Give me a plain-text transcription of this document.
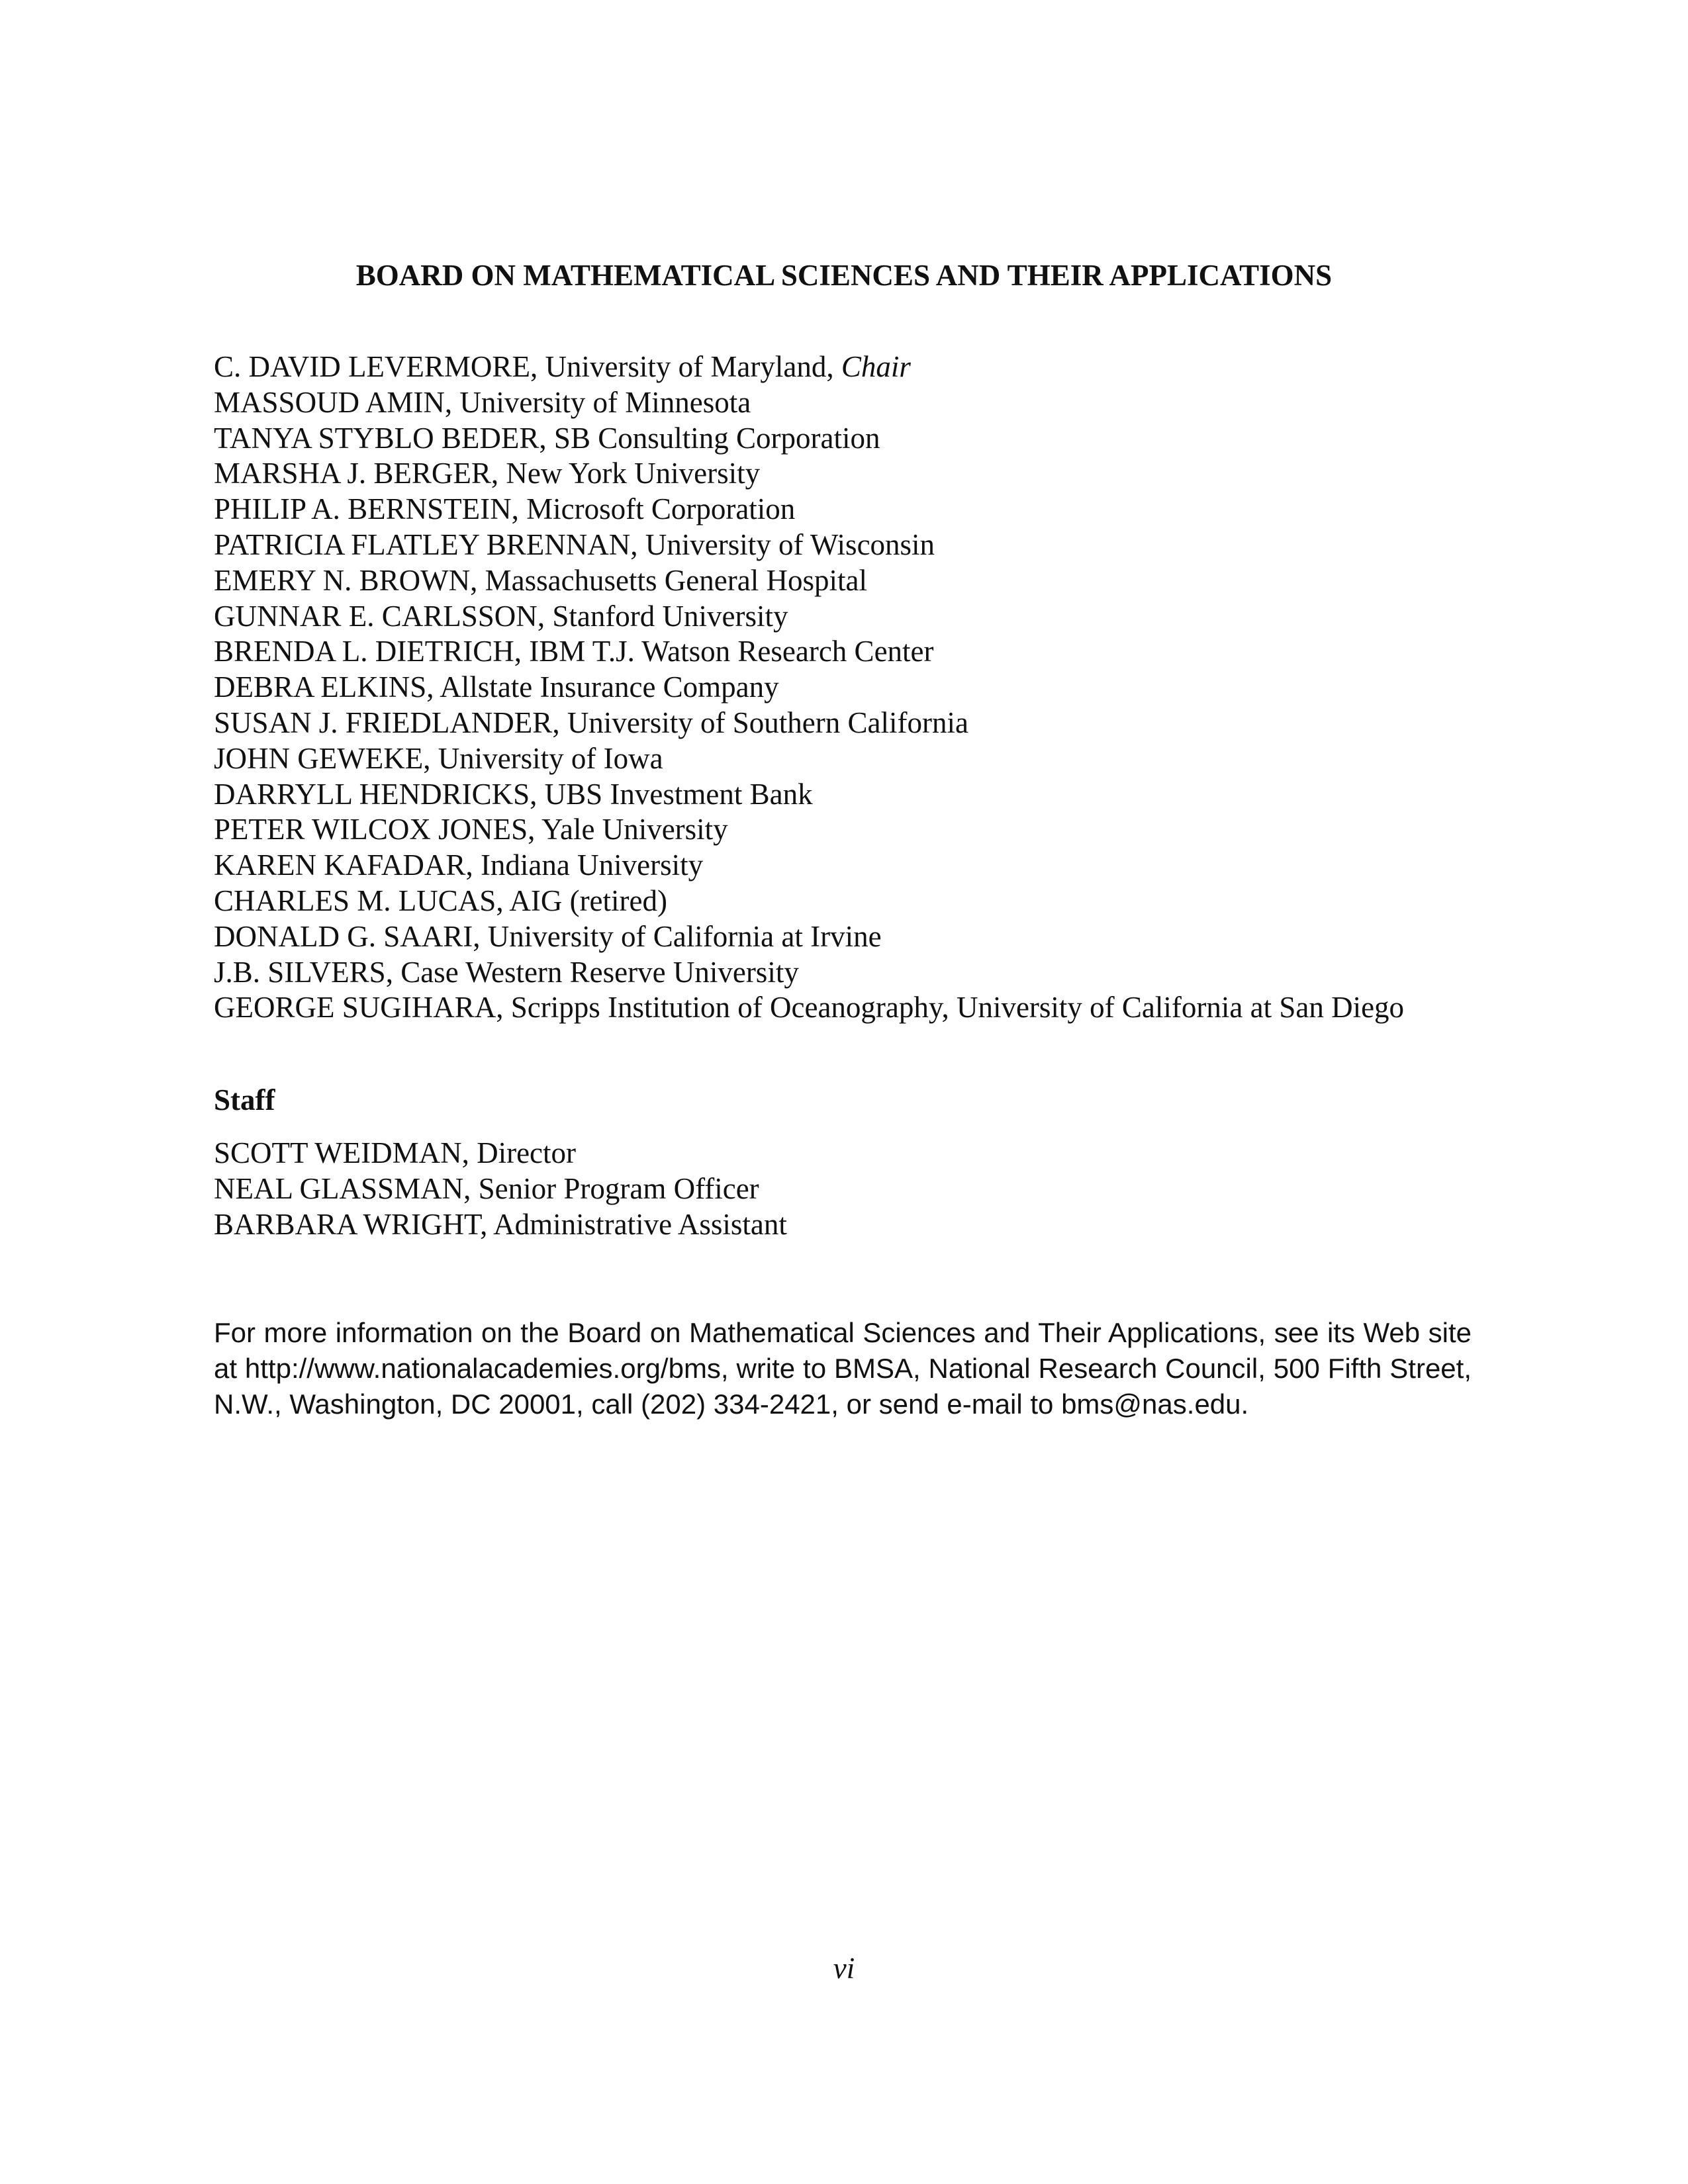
BOARD ON MATHEMATICAL SCIENCES AND THEIR APPLICATIONS
C. DAVID LEVERMORE, University of Maryland, Chair
MASSOUD AMIN, University of Minnesota
TANYA STYBLO BEDER, SB Consulting Corporation
MARSHA J. BERGER, New York University
PHILIP A. BERNSTEIN, Microsoft Corporation
PATRICIA FLATLEY BRENNAN, University of Wisconsin
EMERY N. BROWN, Massachusetts General Hospital
GUNNAR E. CARLSSON, Stanford University
BRENDA L. DIETRICH, IBM T.J. Watson Research Center
DEBRA ELKINS, Allstate Insurance Company
SUSAN J. FRIEDLANDER, University of Southern California
JOHN GEWEKE, University of Iowa
DARRYLL HENDRICKS, UBS Investment Bank
PETER WILCOX JONES, Yale University
KAREN KAFADAR, Indiana University
CHARLES M. LUCAS, AIG (retired)
DONALD G. SAARI, University of California at Irvine
J.B. SILVERS, Case Western Reserve University
GEORGE SUGIHARA, Scripps Institution of Oceanography, University of California at San Diego
Staff
SCOTT WEIDMAN, Director
NEAL GLASSMAN, Senior Program Officer
BARBARA WRIGHT, Administrative Assistant

For more information on the Board on Mathematical Sciences and Their Applications, see its Web site
at http://www.nationalacademies.org/bms, write to BMSA, National Research Council, 500 Fifth Street,
N.W., Washington, DC 20001, call (202) 334-2421, or send e-mail to bms@nas.edu.

vi
